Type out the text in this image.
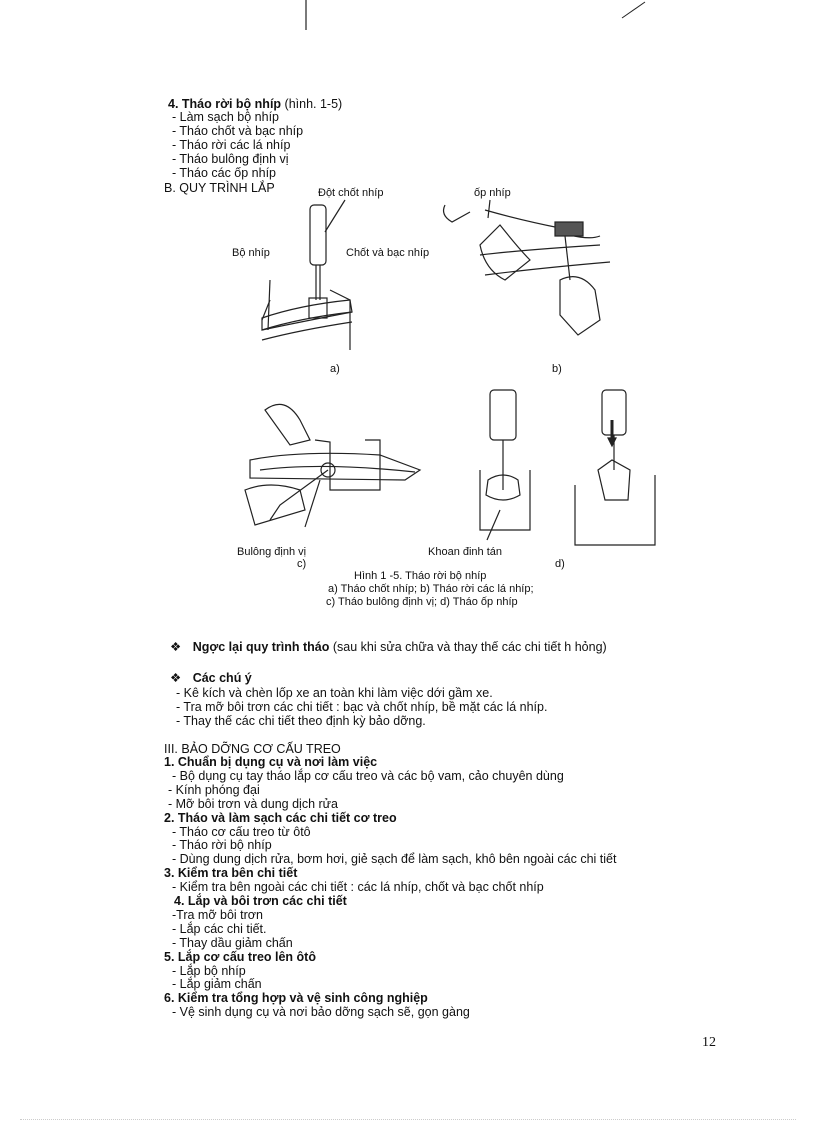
4. Tháo rời bộ nhíp (hình. 1-5)
- Làm sạch bộ nhíp
- Tháo chốt và bạc nhíp
- Tháo rời các lá nhíp
- Tháo bulông định vị
- Tháo các ốp nhíp
B. QUY TRÌNH LẮP	Đột chốt nhíp	ốp nhíp
Bộ nhíp	Chốt và bạc nhíp
a)	b)
Bulông định vị	Khoan đinh tán
c)	d)
Hình 1 -5. Tháo rời bộ nhíp
a) Tháo chốt nhíp; b) Tháo rời các lá nhíp;
c) Tháo bulông định vị; d) Tháo ốp nhíp
❖ Ngợc lại quy trình tháo (sau khi sửa chữa và thay thế các chi tiết h hỏng)
❖ Các chú ý
- Kê kích và chèn lốp xe an toàn khi làm việc dới gầm xe.
- Tra mỡ bôi trơn các chi tiết : bạc và chốt nhíp, bề mặt các lá nhíp.
- Thay thế các chi tiết theo định kỳ bảo dỡng.
III. BẢO DỠNG CƠ CẤU TREO
1. Chuẩn bị dụng cụ và nơi làm việc
- Bộ dụng cụ tay tháo lắp cơ cấu treo và các bộ vam, cảo chuyên dùng
- Kính phóng đại
- Mỡ bôi trơn và dung dịch rửa
2. Tháo và làm sạch các chi tiết cơ treo
- Tháo cơ cấu treo từ ôtô
- Tháo rời bộ nhíp
- Dùng dung dịch rửa, bơm hơi, giẻ sạch để làm sạch, khô bên ngoài các chi tiết
3. Kiểm tra bên chi tiết
- Kiểm tra bên ngoài các chi tiết : các lá nhíp, chốt và bạc chốt nhíp
4. Lắp và bôi trơn các chi tiết
-Tra mỡ bôi trơn
- Lắp các chi tiết.
- Thay dầu giảm chấn
5. Lắp cơ cấu treo lên ôtô
- Lắp bộ nhíp
- Lắp giảm chấn
6. Kiểm tra tổng hợp và vệ sinh công nghiệp
- Vệ sinh dụng cụ và nơi bảo dỡng sạch sẽ, gọn gàng
12
